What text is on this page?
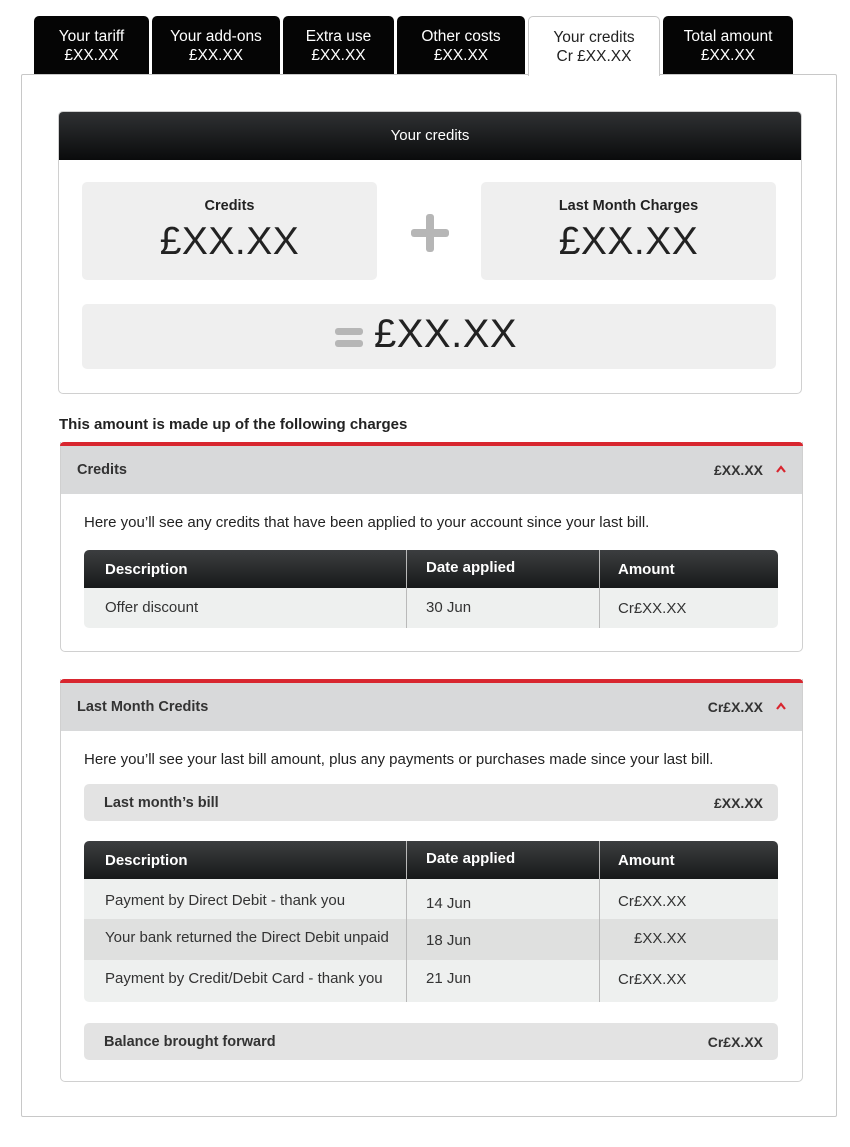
Your tariff
£XX.XX
Your add-ons
£XX.XX
Extra use
£XX.XX
Other costs
£XX.XX
Your credits
Cr £XX.XX
Total amount
£XX.XX
Your credits
Credits
£XX.XX
Last Month Charges
£XX.XX
£XX.XX
This amount is made up of the following charges
Credits	£XX.XX
Here you’ll see any credits that have been applied to your account since your last bill.
Description	Date applied	Amount
Offer discount	30 Jun	Cr£XX.XX
Last Month Credits	Cr£X.XX
Here you’ll see your last bill amount, plus any payments or purchases made since your last bill.
Last month’s bill	£XX.XX
Description	Date applied	Amount
Payment by Direct Debit - thank you	14 Jun	Cr£XX.XX
Your bank returned the Direct Debit unpaid 18 Jun	£XX.XX
Payment by Credit/Debit Card - thank you	21 Jun	Cr£XX.XX
Balance brought forward	Cr£X.XX
